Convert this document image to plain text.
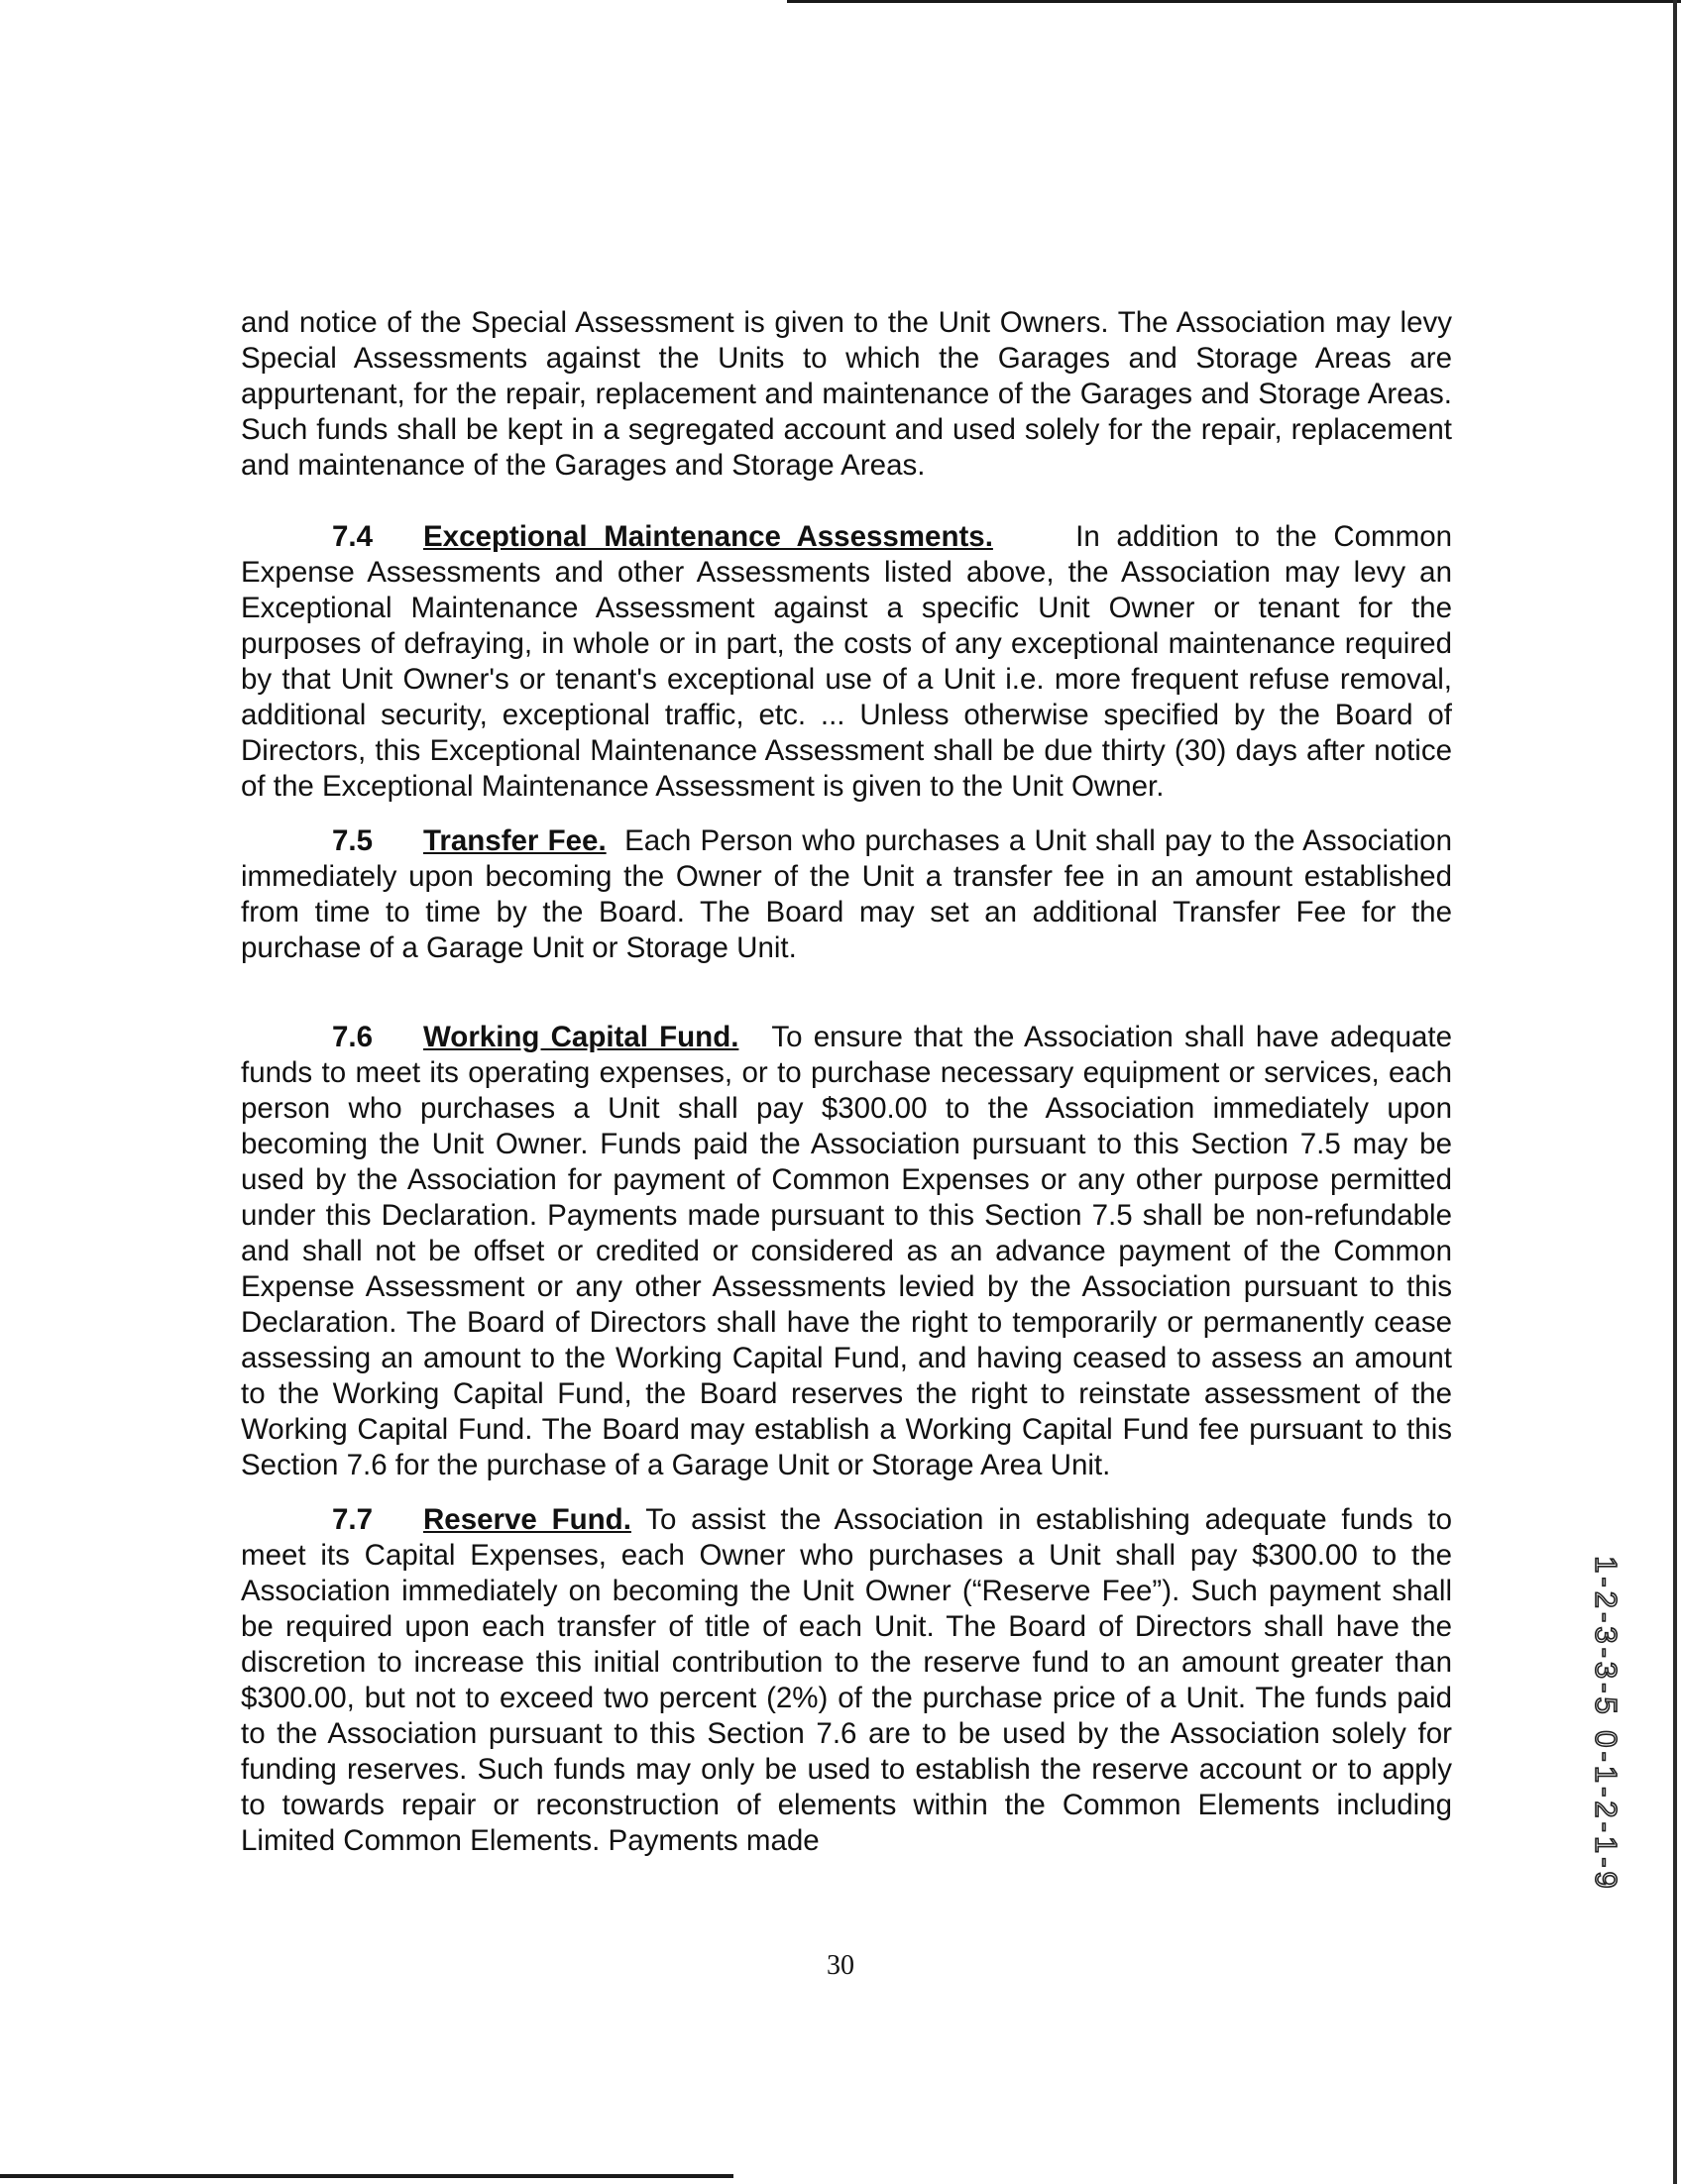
and notice of the Special Assessment is given to the Unit Owners. The Association may levy Special Assessments against the Units to which the Garages and Storage Areas are appurtenant, for the repair, replacement and maintenance of the Garages and Storage Areas. Such funds shall be kept in a segregated account and used solely for the repair, replacement and maintenance of the Garages and Storage Areas.

7.4 Exceptional Maintenance Assessments.	In addition to the Common Expense Assessments and other Assessments listed above, the Association may levy an Exceptional Maintenance Assessment against a specific Unit Owner or tenant for the purposes of defraying, in whole or in part, the costs of any exceptional maintenance required by that Unit Owner's or tenant's exceptional use of a Unit i.e. more frequent refuse removal, additional security, exceptional traffic, etc. ... Unless otherwise specified by the Board of Directors, this Exceptional Maintenance Assessment shall be due thirty (30) days after notice of the Exceptional Maintenance Assessment is given to the Unit Owner.

7.5 Transfer Fee. Each Person who purchases a Unit shall pay to the Association immediately upon becoming the Owner of the Unit a transfer fee in an amount established from time to time by the Board. The Board may set an additional Transfer Fee for the purchase of a Garage Unit or Storage Unit.

7.6 Working Capital Fund. To ensure that the Association shall have adequate funds to meet its operating expenses, or to purchase necessary equipment or services, each person who purchases a Unit shall pay $300.00 to the Association immediately upon becoming the Unit Owner. Funds paid the Association pursuant to this Section 7.5 may be used by the Association for payment of Common Expenses or any other purpose permitted under this Declaration. Payments made pursuant to this Section 7.5 shall be non-refundable and shall not be offset or credited or considered as an advance payment of the Common Expense Assessment or any other Assessments levied by the Association pursuant to this Declaration. The Board of Directors shall have the right to temporarily or permanently cease assessing an amount to the Working Capital Fund, and having ceased to assess an amount to the Working Capital Fund, the Board reserves the right to reinstate assessment of the Working Capital Fund. The Board may establish a Working Capital Fund fee pursuant to this Section 7.6 for the purchase of a Garage Unit or Storage Area Unit.

7.7 Reserve Fund. To assist the Association in establishing adequate funds to meet its Capital Expenses, each Owner who purchases a Unit shall pay $300.00 to the Association immediately on becoming the Unit Owner (“Reserve Fee”). Such payment shall be required upon each transfer of title of each Unit. The Board of Directors shall have the discretion to increase this initial contribution to the reserve fund to an amount greater than $300.00, but not to exceed two percent (2%) of the purchase price of a Unit. The funds paid to the Association pursuant to this Section 7.6 are to be used by the Association solely for funding reserves. Such funds may only be used to establish the reserve account or to apply to towards repair or reconstruction of elements within the Common Elements including Limited Common Elements. Payments made

30
1-2-3-3-5 0-1-2-1-9
